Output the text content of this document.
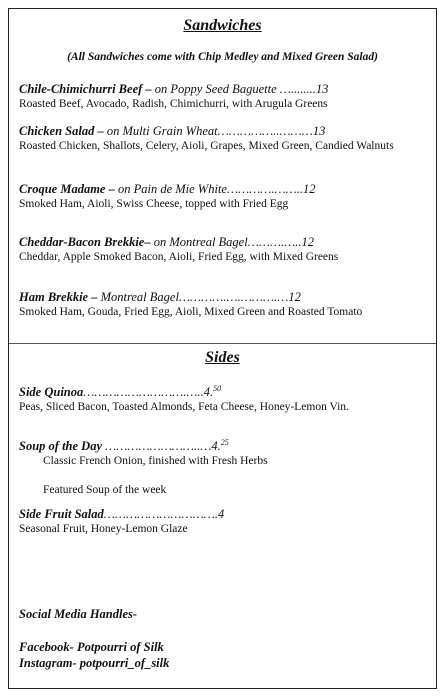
Sandwiches
(All Sandwiches come with Chip Medley and Mixed Green Salad)
Chile-Chimichurri Beef – on Poppy Seed Baguette …........13
Roasted Beef, Avocado, Radish, Chimichurri, with Arugula Greens
Chicken Salad – on Multi Grain Wheat……………..………13
Roasted Chicken, Shallots, Celery, Aioli, Grapes, Mixed Green, Candied Walnuts
Croque Madame – on Pain de Mie White………….……..12
Smoked Ham, Aioli, Swiss Cheese, topped with Fried Egg
Cheddar-Bacon Brekkie– on Montreal Bagel……….…..12
Cheddar, Apple Smoked Bacon, Aioli, Fried Egg, with Mixed Greens
Ham Brekkie – Montreal Bagel………….….……….…12
Smoked Ham, Gouda, Fried Egg, Aioli, Mixed Green and Roasted Tomato
Sides
Side Quinoa……………………….…..4.50
Peas, Sliced Bacon, Toasted Almonds, Feta Cheese, Honey-Lemon Vin.
Soup of the Day ……………………..…4.25
Classic French Onion, finished with Fresh Herbs
Featured Soup of the week
Side Fruit Salad………………………….4
Seasonal Fruit, Honey-Lemon Glaze
Social Media Handles-
Facebook- Potpourri of Silk
Instagram- potpourri_of_silk
